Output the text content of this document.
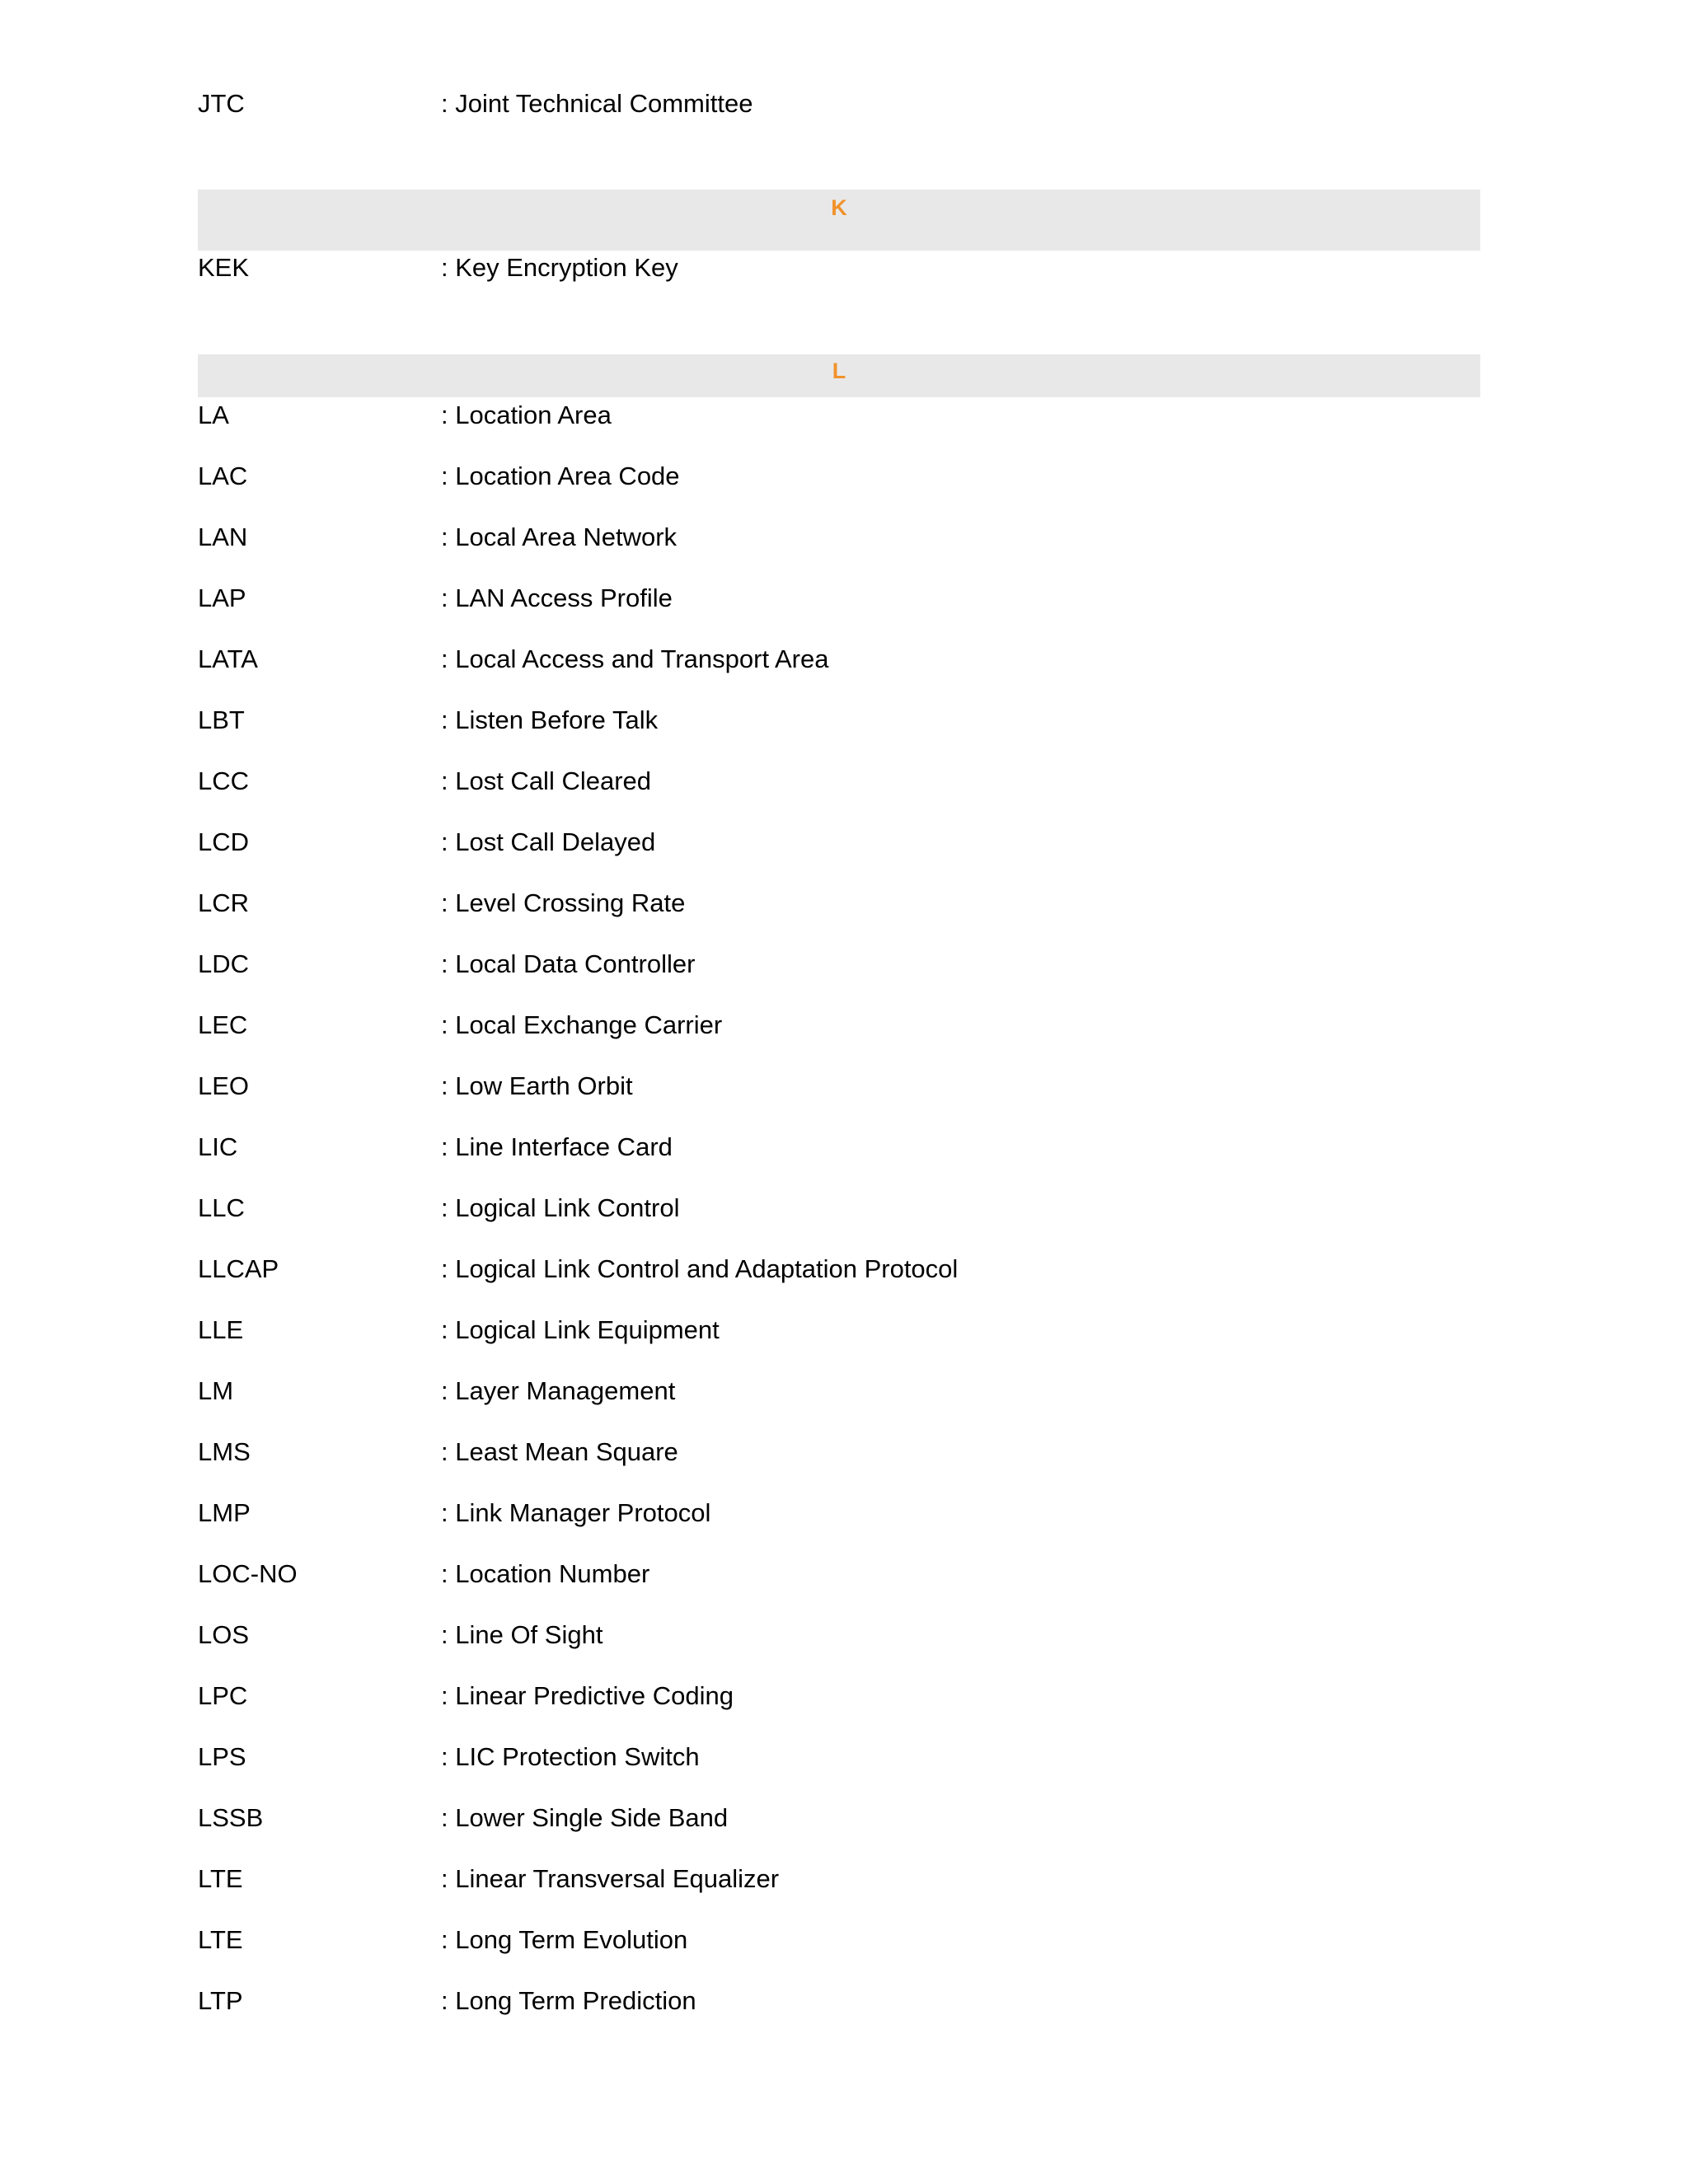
JTC	: Joint Technical Committee
K
KEK	: Key Encryption Key
L
LA	: Location Area
LAC	: Location Area Code
LAN	: Local Area Network
LAP	: LAN Access Profile
LATA	: Local Access and Transport Area
LBT	: Listen Before Talk
LCC	: Lost Call Cleared
LCD	: Lost Call Delayed
LCR	: Level Crossing Rate
LDC	: Local Data Controller
LEC	: Local Exchange Carrier
LEO	: Low Earth Orbit
LIC	: Line Interface Card
LLC	: Logical Link Control
LLCAP	: Logical Link Control and Adaptation Protocol
LLE	: Logical Link Equipment
LM	: Layer Management
LMS	: Least Mean Square
LMP	: Link Manager Protocol
LOC-NO	: Location Number
LOS	: Line Of Sight
LPC	: Linear Predictive Coding
LPS	: LIC Protection Switch
LSSB	: Lower Single Side Band
LTE	: Linear Transversal Equalizer
LTE	: Long Term Evolution
LTP	: Long Term Prediction
